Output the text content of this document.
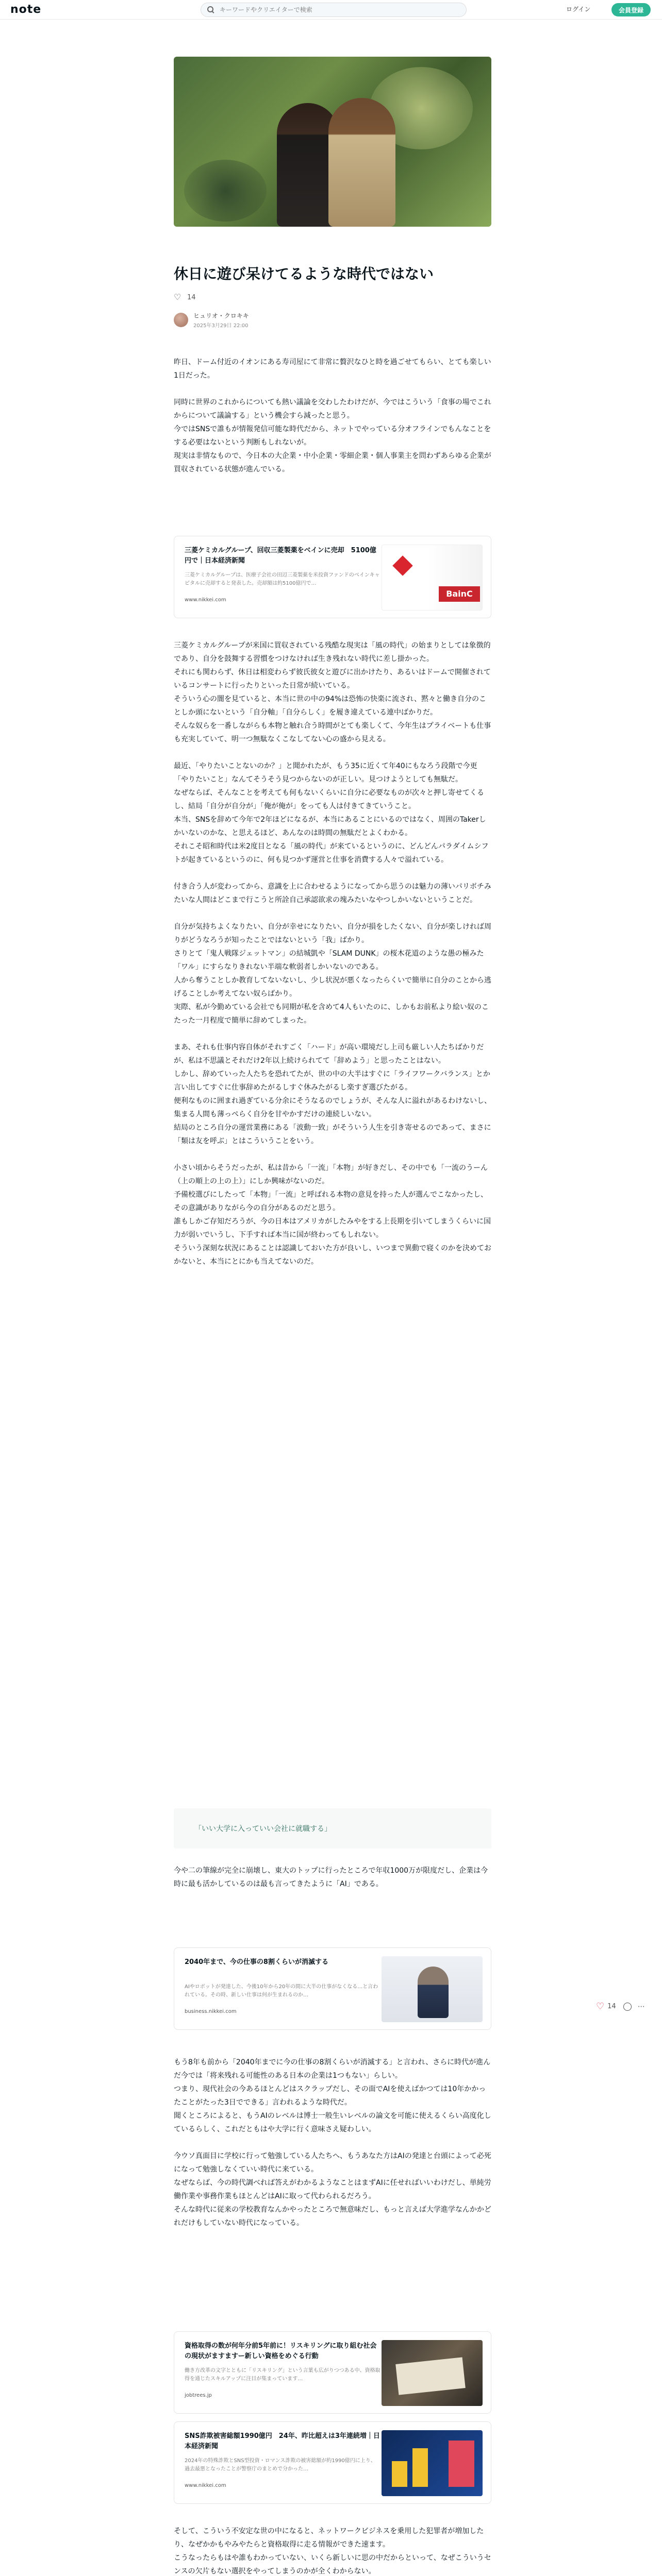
note
キーワードやクリエイターで検索	ログイン	会員登録
休日に遊び呆けてるような時代ではない
♡ 14
ヒュリオ・クロキキ
2025年3月29日 22:00

昨日、ドーム付近のイオンにある寿司屋にて非常に贅沢なひと時を過ごせてもらい、とても楽しい1日だった。

同時に世界のこれからについても熱い議論を交わしたわけだが、今ではこういう「食事の場でこれからについて議論する」という機会すら減ったと思う。
今ではSNSで誰もが情報発信可能な時代だから、ネットでやっている分オフラインでもんなことをする必要はないという判断もしれないが。
現実は非情なもので、今日本の大企業・中小企業・零細企業・個人事業主を問わずあらゆる企業が買収されている状態が進んでいる。

三菱ケミカルグループ、回収三菱製薬をベインに売却　5100億円で｜日本経済新聞
三菱ケミカルグループは、医療子会社の田辺三菱製薬を米投資ファンドのベインキャピタルに売却すると発表した。売却額は約5100億円で…
www.nikkei.com
BainC

三菱ケミカルグループが米国に買収されている残酷な現実は「風の時代」の始まりとしては象徴的であり、自分を鼓舞する習慣をつけなければ生き残れない時代に差し掛かった。
それにも関わらず、休日は相変わらず彼氏彼女と遊びに出かけたり、あるいはドームで開催されているコンサートに行ったりといった日常が続いている。
そういう心の闇を見ていると、本当に世の中の94%は恐怖の快楽に流され、黙々と働き自分のことしか頭にないという「自分軸」「自分らしく」を履き違えている連中ばかりだ。
そんな奴らを一番しながらも本物と触れ合う時間がとても楽しくて、今年生はプライベートも仕事も充実していて、明一つ無駄なくこなしてない心の盛から見える。

最近、「やりたいことないのか？」と聞かれたが、もう35に近くて年40にもなろう段階で今更「やりたいこと」なんてそうそう見つからないのが正しい。見つけようとしても無駄だ。
なぜならば、そんなことを考えても何もないくらいに自分に必要なものが次々と押し寄せてくるし、結局「自分が自分が」「俺が俺が」をっても人は付きてきていうこと。
本当、SNSを辞めて今年で2年ほどになるが、本当にあることにいるのではなく、周囲のTakerしかいないのかな、と思えるほど、あんなのは時間の無駄だとよくわかる。
それこそ昭和時代は米2度目となる「風の時代」が来ているというのに、どんどんパラダイムシフトが起きているというのに、何も見つかず運営と仕事を消費する人々で溢れている。

付き合う人が変わってから、意識を上に合わせるようになってから思うのは魅力の薄いパリボチみたいな人間はどこまで行こうと所詮自己承認欲求の塊みたいなやつしかいないということだ。

自分が気持ちよくなりたい、自分が幸せになりたい、自分が損をしたくない、自分が楽しければ周りがどうなろうが知ったことではないという「我」ばかり。
さりとて「鬼人戦隊ジェットマン」の結城凱や「SLAM DUNK」の桜木花道のような愚の極みた「ワル」にすらなりきれない半端な軟弱者しかいないのである。
人から奪うことしか教育してないないし、少し状況が悪くなったらくいで簡単に自分のことから逃げることしか考えてない奴らばかり。
実際、私が今勤めている会社でも同期が私を含めて4人もいたのに、しかもお前私より絵い奴のこたった一月程度で簡単に辞めてしまった。

まあ、それも仕事内容自体がそれすごく「ハード」が高い環境だし上司も厳しい人たちばかりだが、私は不思議とそれだけ2年以上続けられてて「辞めよう」と思ったことはない。
しかし、辞めていった人たちを恐れてたが、世の中の大半はすぐに「ライフワークバランス」とか言い出してすぐに仕事辞めたがるしすぐ休みたがるし楽すぎ選びたがる。
便利なものに囲まれ過ぎている分余にそうなるのでしょうが、そんな人に溢れがあるわけないし、集まる人間も薄っぺらく自分を甘やかすだけの連続しいない。
結局のところ自分の運営業務にある「波動一致」がそういう人生を引き寄せるのであって、まさに「類は友を呼ぶ」とはこういうことをいう。

小さい頃からそうだったが、私は昔から「一流」「本物」が好きだし、その中でも「一流のうーん（上の順上の上の上）」にしか興味がないのだ。
予備校選びにしたって「本物」「一流」と呼ばれる本物の意見を持った人が選んでこなかったし、その意識がありながら今の自分があるのだと思う。
誰もしかご存知だろうが、今の日本はアメリカがしたみやをする上長期を引いてしまうくらいに国力が弱いでいうし、下手すれば本当に国が終わってもしれない。
そういう深刻な状況にあることは認識しておいた方が良いし、いつまで異動で寝くのかを決めておかないと、本当にとにかも当えてないのだ。

「いい大学に入っていい会社に就職する」

今や二の筆線が完全に崩壊し、東大のトップに行ったところで年収1000万が限度だし、企業は今時に最も活かしているのは最も言ってきたように「AI」である。

2040年まで、今の仕事の8割くらいが消滅する
AIやロボットが発達した、今後10年から20年の間に大半の仕事がなくなる…と言われている。その時、新しい仕事は何が生まれるのか…
business.nikkei.com	♡ 14	⋯

もう8年も前から「2040年までに今の仕事の8割くらいが消滅する」と言われ、さらに時代が進んだ今では「将来残れる可能性のある日本の企業は1つもない」らしい。
つまり、現代社会の今あるほとんどはスクラップだし、その面でAIを使えばかつては10年かかったことがたった3日でできる」言われるような時代だ。
聞くところによると、もうAIのレベルは博士一般生いレベルの論文を可能に使えるくらい高度化しているらしく、これだともはや大学に行く意味さえ疑わしい。

今ウソ真面目に学校に行って勉強している人たちへ、もうあなた方はAIの発達と台頭によって必死になって勉強しなくていい時代に来ている。
なぜならば、今の時代調べれば答えがわかるようなことはまずAIに任せればいいわけだし、単純労働作業や事務作業もほとんどはAIに取って代わられるだろう。
そんな時代に従来の学校教育なんかやったところで無意味だし、もっと言えば大学進学なんかかどれだけもしていない時代になっている。

資格取得の数が何年分前5年前に！リスキリングに取り組む社会の現状がますますー新しい資格をめぐる行動
働き方改革の文字とともに「リスキリング」という言葉も広がりつつある中、資格取得を通じたスキルアップに注目が集まっています…
jobtrees.jp
SNS詐欺被害総額1990億円　24年、昨比超えは3年連続増｜日本経済新聞
2024年の特殊詐欺とSNS型投資・ロマンス詐欺の被害総額が約1990億円に上り、過去最悪となったことが警察庁のまとめで分かった…
www.nikkei.com

そして、こういう不安定な世の中になると、ネットワークビジネスを乗用した犯罪者が増加したり、なぜかかもやみやたらと資格取得に走る情報ができた速ます。
こうなったらもはや誰もわかっていない、いくら新しいに思の中だからといって、なぜこういうセンスの欠片もない選択をやってしまうのかが全くわからない。
